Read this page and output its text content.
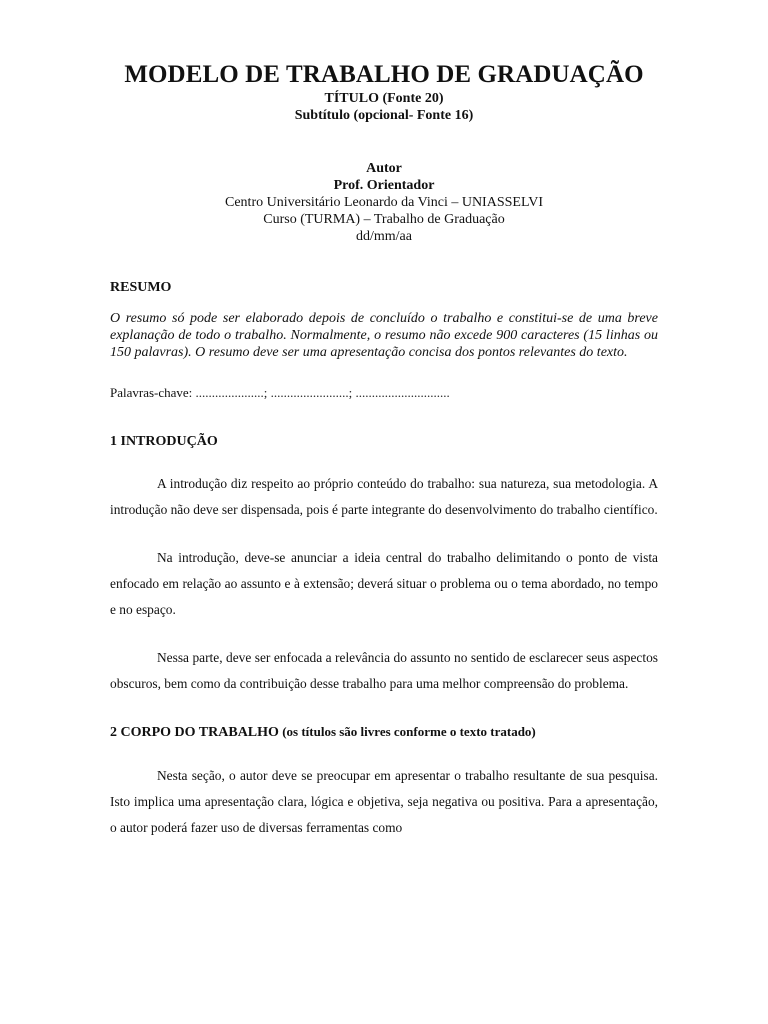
MODELO DE TRABALHO DE GRADUAÇÃO

TÍTULO (Fonte 20)

Subtítulo (opcional- Fonte 16)

Autor
Prof. Orientador
Centro Universitário Leonardo da Vinci – UNIASSELVI
Curso (TURMA) – Trabalho de Graduação
dd/mm/aa
RESUMO

O resumo só pode ser elaborado depois de concluído o trabalho e constitui-se de uma breve explanação de todo o trabalho. Normalmente, o resumo não excede 900 caracteres (15 linhas ou 150 palavras). O resumo deve ser uma apresentação concisa dos pontos relevantes do texto.

Palavras-chave: .....................; ........................; .............................

1 INTRODUÇÃO

A introdução diz respeito ao próprio conteúdo do trabalho: sua natureza, sua metodologia. A introdução não deve ser dispensada, pois é parte integrante do desenvolvimento do trabalho científico.

Na introdução, deve-se anunciar a ideia central do trabalho delimitando o ponto de vista enfocado em relação ao assunto e à extensão; deverá situar o problema ou o tema abordado, no tempo e no espaço.

Nessa parte, deve ser enfocada a relevância do assunto no sentido de esclarecer seus aspectos obscuros, bem como da contribuição desse trabalho para uma melhor compreensão do problema.

2 CORPO DO TRABALHO (os títulos são livres conforme o texto tratado)

Nesta seção, o autor deve se preocupar em apresentar o trabalho resultante de sua pesquisa. Isto implica uma apresentação clara, lógica e objetiva, seja negativa ou positiva. Para a apresentação, o autor poderá fazer uso de diversas ferramentas como
